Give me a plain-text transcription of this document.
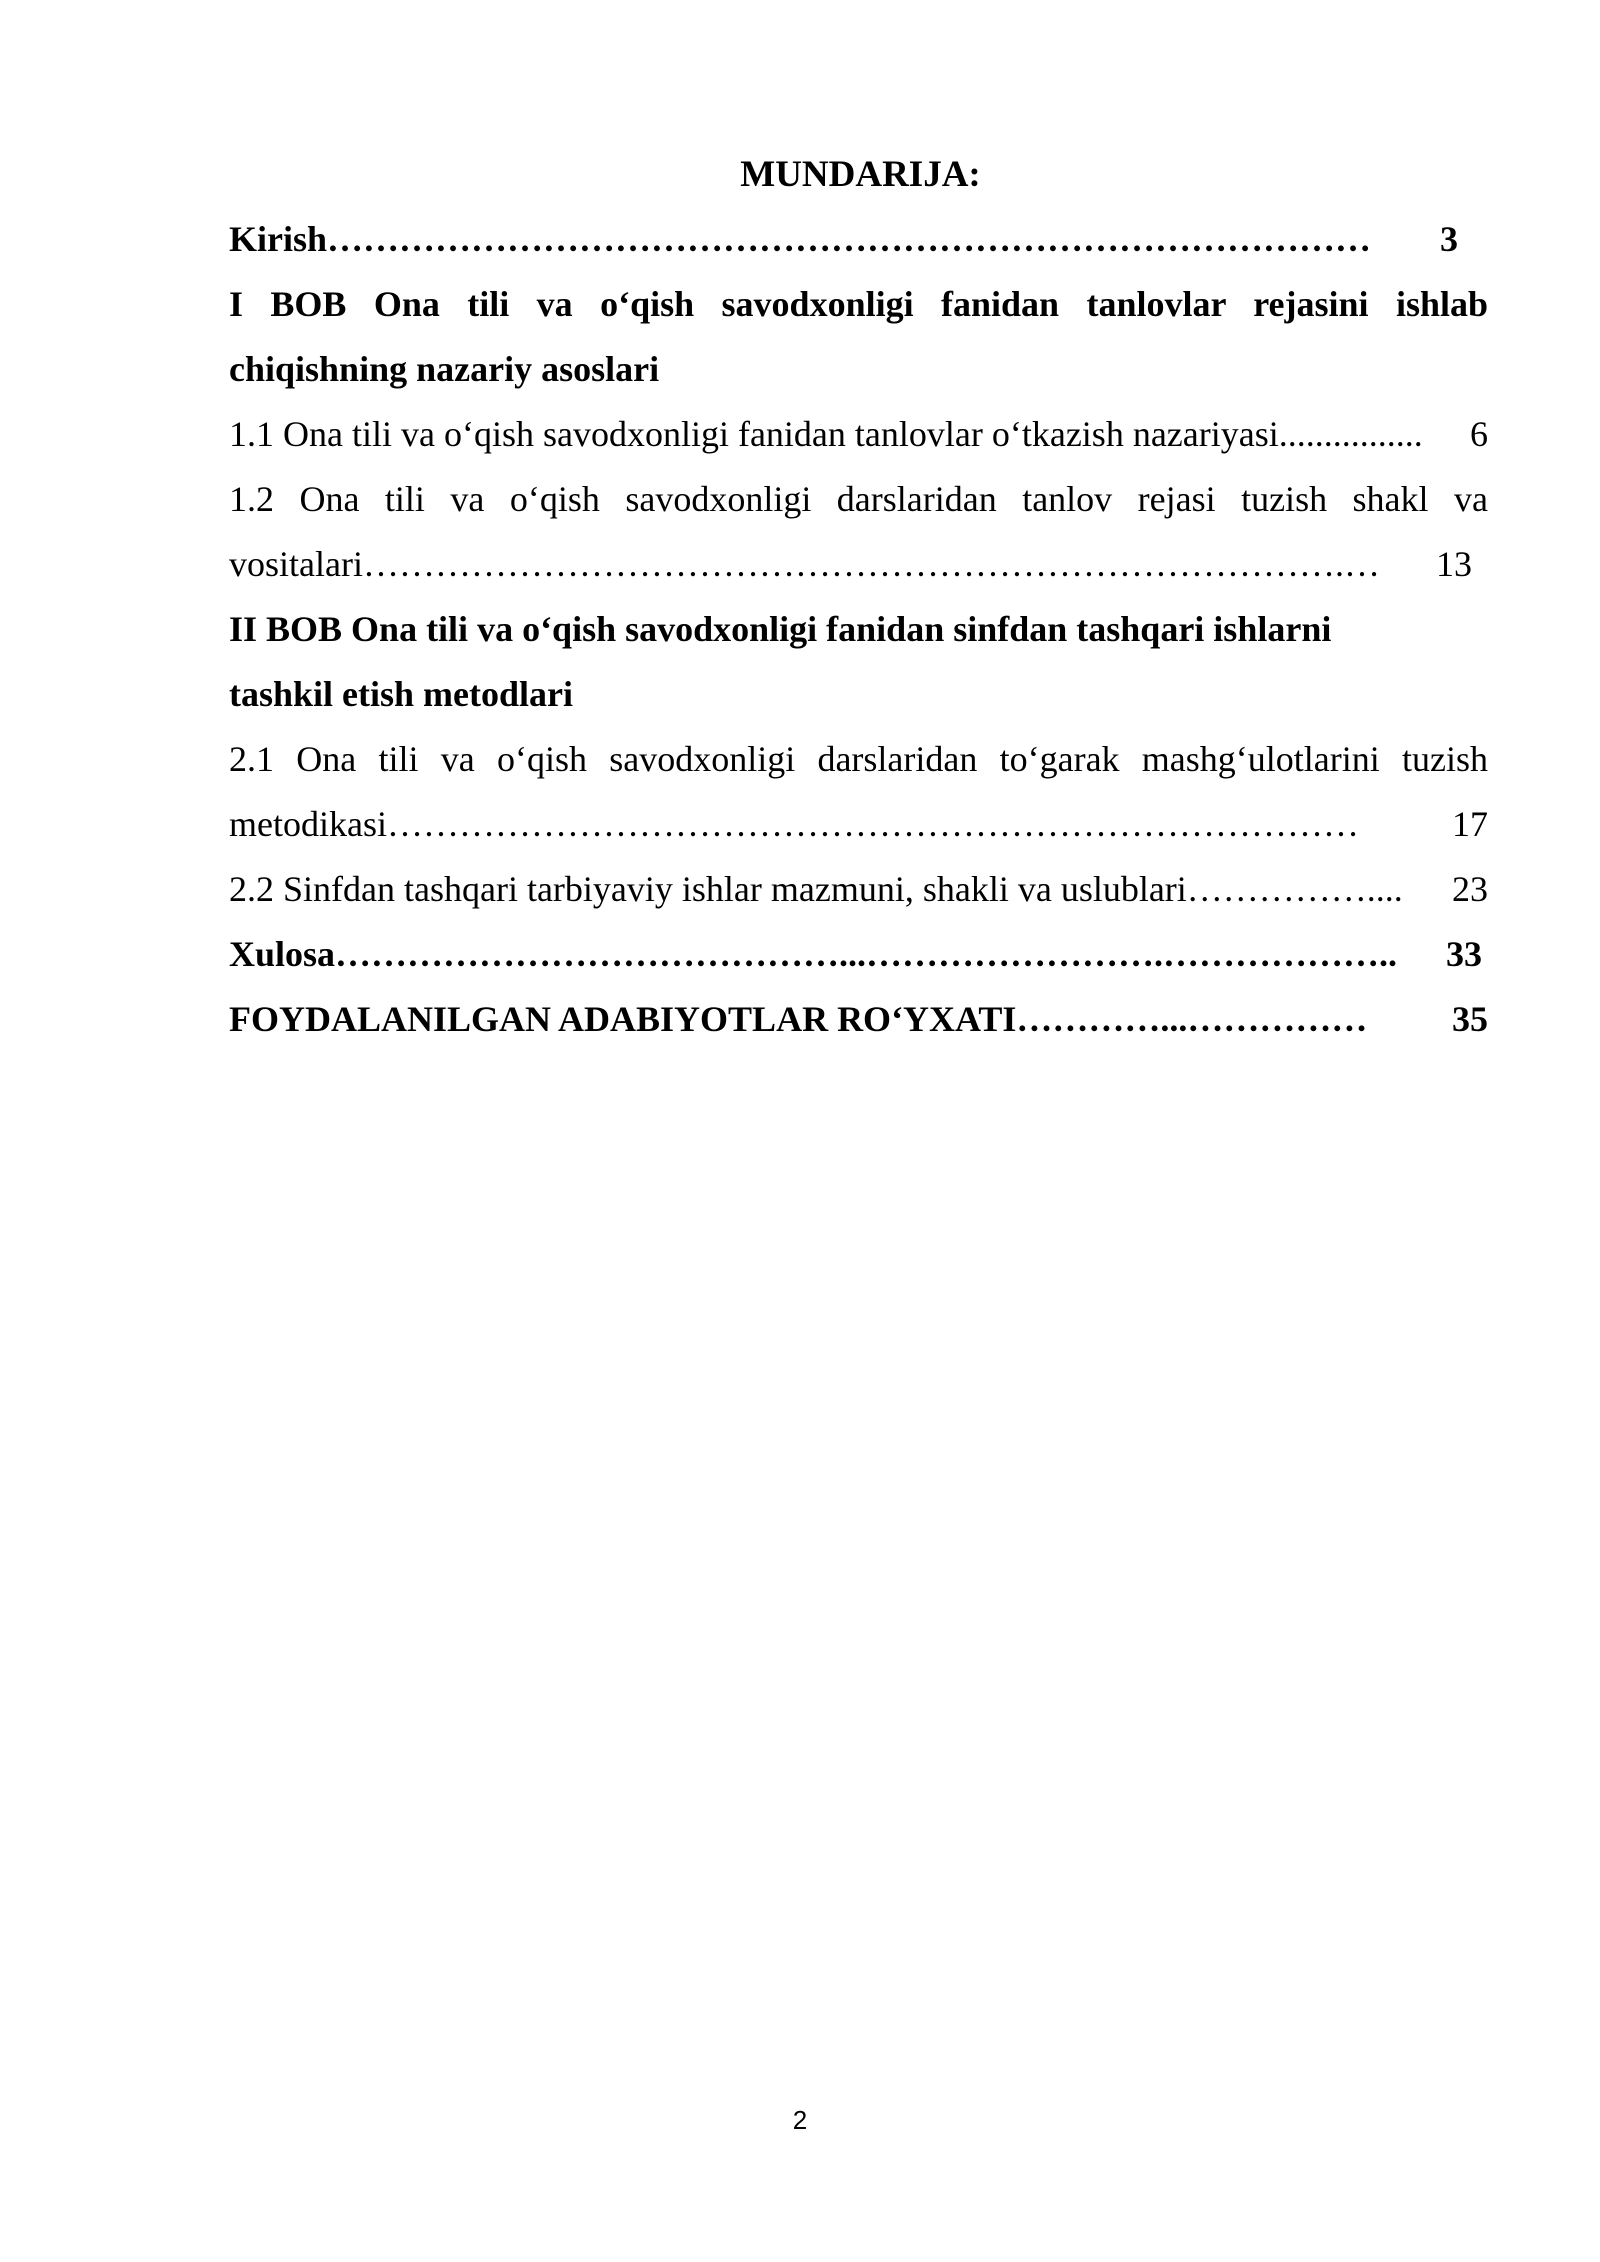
MUNDARIJA:

Kirish ……………………………………………………………………………	3

I BOB Ona tili va o‘qish savodxonligi fanidan tanlovlar rejasini ishlab

chiqishning nazariy asoslari

1.1 Ona tili va o‘qish savodxonligi fanidan tanlovlar o‘tkazish nazariyasi ................	6

1.2 Ona tili va o‘qish savodxonligi darslaridan tanlov rejasi tuzish shakl va

vositalari ……………………………………………………………………….…	13

II BOB Ona tili va o‘qish savodxonligi fanidan sinfdan tashqari ishlarni

tashkil etish metodlari

2.1 Ona tili va o‘qish savodxonligi darslaridan to‘garak mashg‘ulotlarini tuzish

metodikasi ………………………………………………………………………	17
2.2 Sinfdan tashqari tarbiyaviy ishlar mazmuni, shakli va uslublari ……………....	23
Xulosa ……………………………………...…………………….………………..	33
FOYDALANILGAN ADABIYOTLAR RO‘YXATI …………...……………	35
2
